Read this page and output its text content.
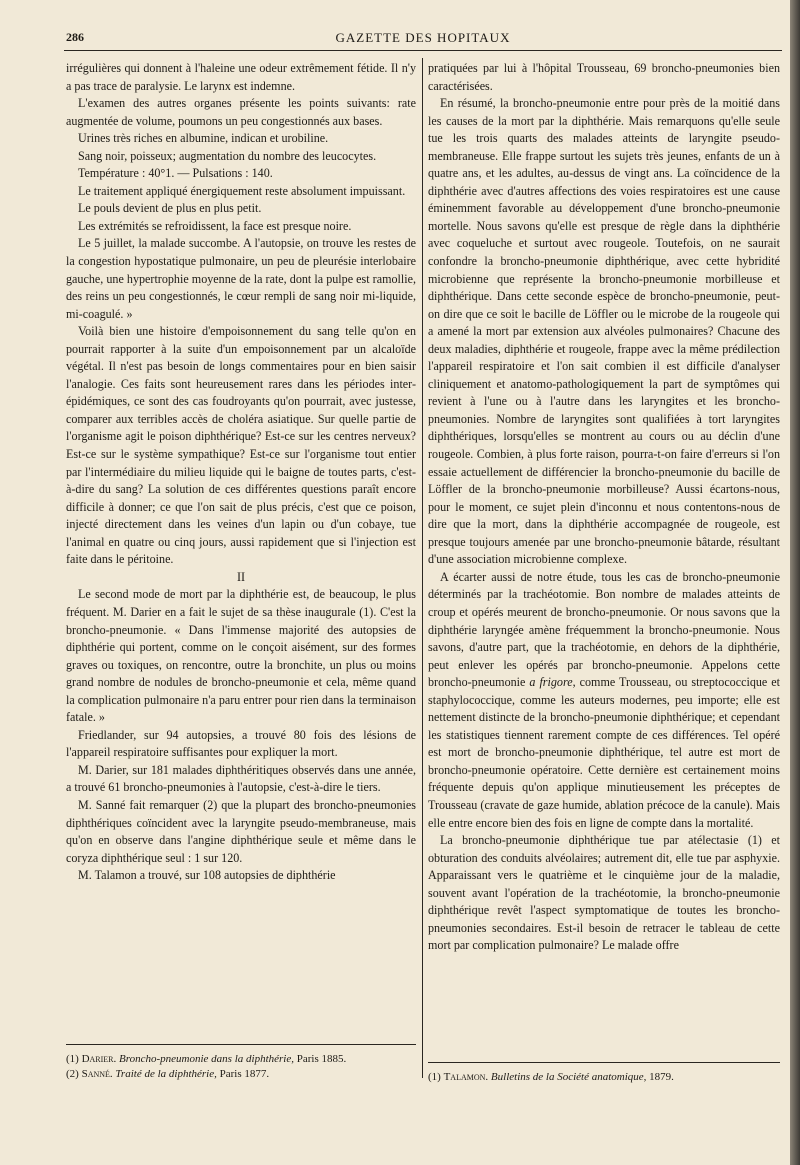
286	GAZETTE DES HOPITAUX

irrégulières qui donnent à l'haleine une odeur extrêmement fétide. Il n'y a pas trace de paralysie. Le larynx est indemne.

L'examen des autres organes présente les points suivants: rate augmentée de volume, poumons un peu congestionnés aux bases.

Urines très riches en albumine, indican et urobiline.

Sang noir, poisseux; augmentation du nombre des leucocytes.

Température : 40°1. — Pulsations : 140.

Le traitement appliqué énergiquement reste absolument impuissant.

Le pouls devient de plus en plus petit.

Les extrémités se refroidissent, la face est presque noire.

Le 5 juillet, la malade succombe. A l'autopsie, on trouve les restes de la congestion hypostatique pulmonaire, un peu de pleurésie interlobaire gauche, une hypertrophie moyenne de la rate, dont la pulpe est ramollie, des reins un peu congestionnés, le cœur rempli de sang noir mi-liquide, mi-coagulé. »

Voilà bien une histoire d'empoisonnement du sang telle qu'on en pourrait rapporter à la suite d'un empoisonnement par un alcaloïde végétal. Il n'est pas besoin de longs commentaires pour en bien saisir l'analogie. Ces faits sont heureusement rares dans les périodes inter-épidémiques, ce sont des cas foudroyants qu'on pourrait, avec justesse, comparer aux terribles accès de choléra asiatique. Sur quelle partie de l'organisme agit le poison diphthérique? Est-ce sur les centres nerveux? Est-ce sur le système sympathique? Est-ce sur l'organisme tout entier par l'intermédiaire du milieu liquide qui le baigne de toutes parts, c'est-à-dire du sang? La solution de ces différentes questions paraît encore difficile à donner; ce que l'on sait de plus précis, c'est que ce poison, injecté directement dans les veines d'un lapin ou d'un cobaye, tue l'animal en quatre ou cinq jours, aussi rapidement que si l'injection est faite dans le péritoine.

II

Le second mode de mort par la diphthérie est, de beaucoup, le plus fréquent. M. Darier en a fait le sujet de sa thèse inaugurale (1). C'est la broncho-pneumonie. « Dans l'immense majorité des autopsies de diphthérie qui portent, comme on le conçoit aisément, sur des formes graves ou toxiques, on rencontre, outre la bronchite, un plus ou moins grand nombre de nodules de broncho-pneumonie et cela, même quand la complication pulmonaire n'a paru entrer pour rien dans la terminaison fatale. »

Friedlander, sur 94 autopsies, a trouvé 80 fois des lésions de l'appareil respiratoire suffisantes pour expliquer la mort.

M. Darier, sur 181 malades diphthéritiques observés dans une année, a trouvé 61 broncho-pneumonies à l'autopsie, c'est-à-dire le tiers.

M. Sanné fait remarquer (2) que la plupart des broncho-pneumonies diphthériques coïncident avec la laryngite pseudo-membraneuse, mais qu'on en observe dans l'angine diphthérique seule et même dans le coryza diphthérique seul : 1 sur 120.

M. Talamon a trouvé, sur 108 autopsies de diphthérie

pratiquées par lui à l'hôpital Trousseau, 69 broncho-pneumonies bien caractérisées.

En résumé, la broncho-pneumonie entre pour près de la moitié dans les causes de la mort par la diphthérie. Mais remarquons qu'elle seule tue les trois quarts des malades atteints de laryngite pseudo-membraneuse. Elle frappe surtout les sujets très jeunes, enfants de un à quatre ans, et les adultes, au-dessus de vingt ans. La coïncidence de la diphthérie avec d'autres affections des voies respiratoires est une cause éminemment favorable au développement d'une broncho-pneumonie mortelle. Nous savons qu'elle est presque de règle dans la diphthérie avec coqueluche et surtout avec rougeole. Toutefois, on ne saurait confondre la broncho-pneumonie diphthérique, avec cette hybridité microbienne que représente la broncho-pneumonie morbilleuse et diphthérique. Dans cette seconde espèce de broncho-pneumonie, peut-on dire que ce soit le bacille de Löffler ou le microbe de la rougeole qui a amené la mort par extension aux alvéoles pulmonaires? Chacune des deux maladies, diphthérie et rougeole, frappe avec la même prédilection l'appareil respiratoire et l'on sait combien il est difficile d'analyser cliniquement et anatomo-pathologiquement la part de symptômes qui revient à l'une ou à l'autre dans les laryngites et les broncho-pneumonies. Nombre de laryngites sont qualifiées à tort laryngites diphthériques, lorsqu'elles se montrent au cours ou au déclin d'une rougeole. Combien, à plus forte raison, pourra-t-on faire d'erreurs si l'on essaie actuellement de différencier la broncho-pneumonie du bacille de Löffler de la broncho-pneumonie morbilleuse? Aussi écartons-nous, pour le moment, ce sujet plein d'inconnu et nous contentons-nous de dire que la mort, dans la diphthérie accompagnée de rougeole, est presque toujours amenée par une broncho-pneumonie bâtarde, résultant d'une association microbienne complexe.

A écarter aussi de notre étude, tous les cas de broncho-pneumonie déterminés par la trachéotomie. Bon nombre de malades atteints de croup et opérés meurent de broncho-pneumonie. Or nous savons que la diphthérie laryngée amène fréquemment la broncho-pneumonie. Nous savons, d'autre part, que la trachéotomie, en dehors de la diphthérie, peut enlever les opérés par broncho-pneumonie. Appelons cette broncho-pneumonie a frigore, comme Trousseau, ou streptococcique et staphylococcique, comme les auteurs modernes, peu importe; elle est nettement distincte de la broncho-pneumonie diphthérique; et cependant les statistiques tiennent rarement compte de ces différences. Tel opéré est mort de broncho-pneumonie diphthérique, tel autre est mort de broncho-pneumonie opératoire. Cette dernière est certainement moins fréquente depuis qu'on applique minutieusement les préceptes de Trousseau (cravate de gaze humide, ablation précoce de la canule). Mais elle entre encore bien des fois en ligne de compte dans la mortalité.

La broncho-pneumonie diphthérique tue par atélectasie (1) et obturation des conduits alvéolaires; autrement dit, elle tue par asphyxie. Apparaissant vers le quatrième et le cinquième jour de la maladie, souvent avant l'opération de la trachéotomie, la broncho-pneumonie diphthérique revêt l'aspect symptomatique de toutes les broncho-pneumonies secondaires. Est-il besoin de retracer le tableau de cette mort par complication pulmonaire? Le malade offre

(1) Darier. Broncho-pneumonie dans la diphthérie, Paris 1885.
(2) Sanné. Traité de la diphthérie, Paris 1877.	(1) Talamon. Bulletins de la Société anatomique, 1879.
